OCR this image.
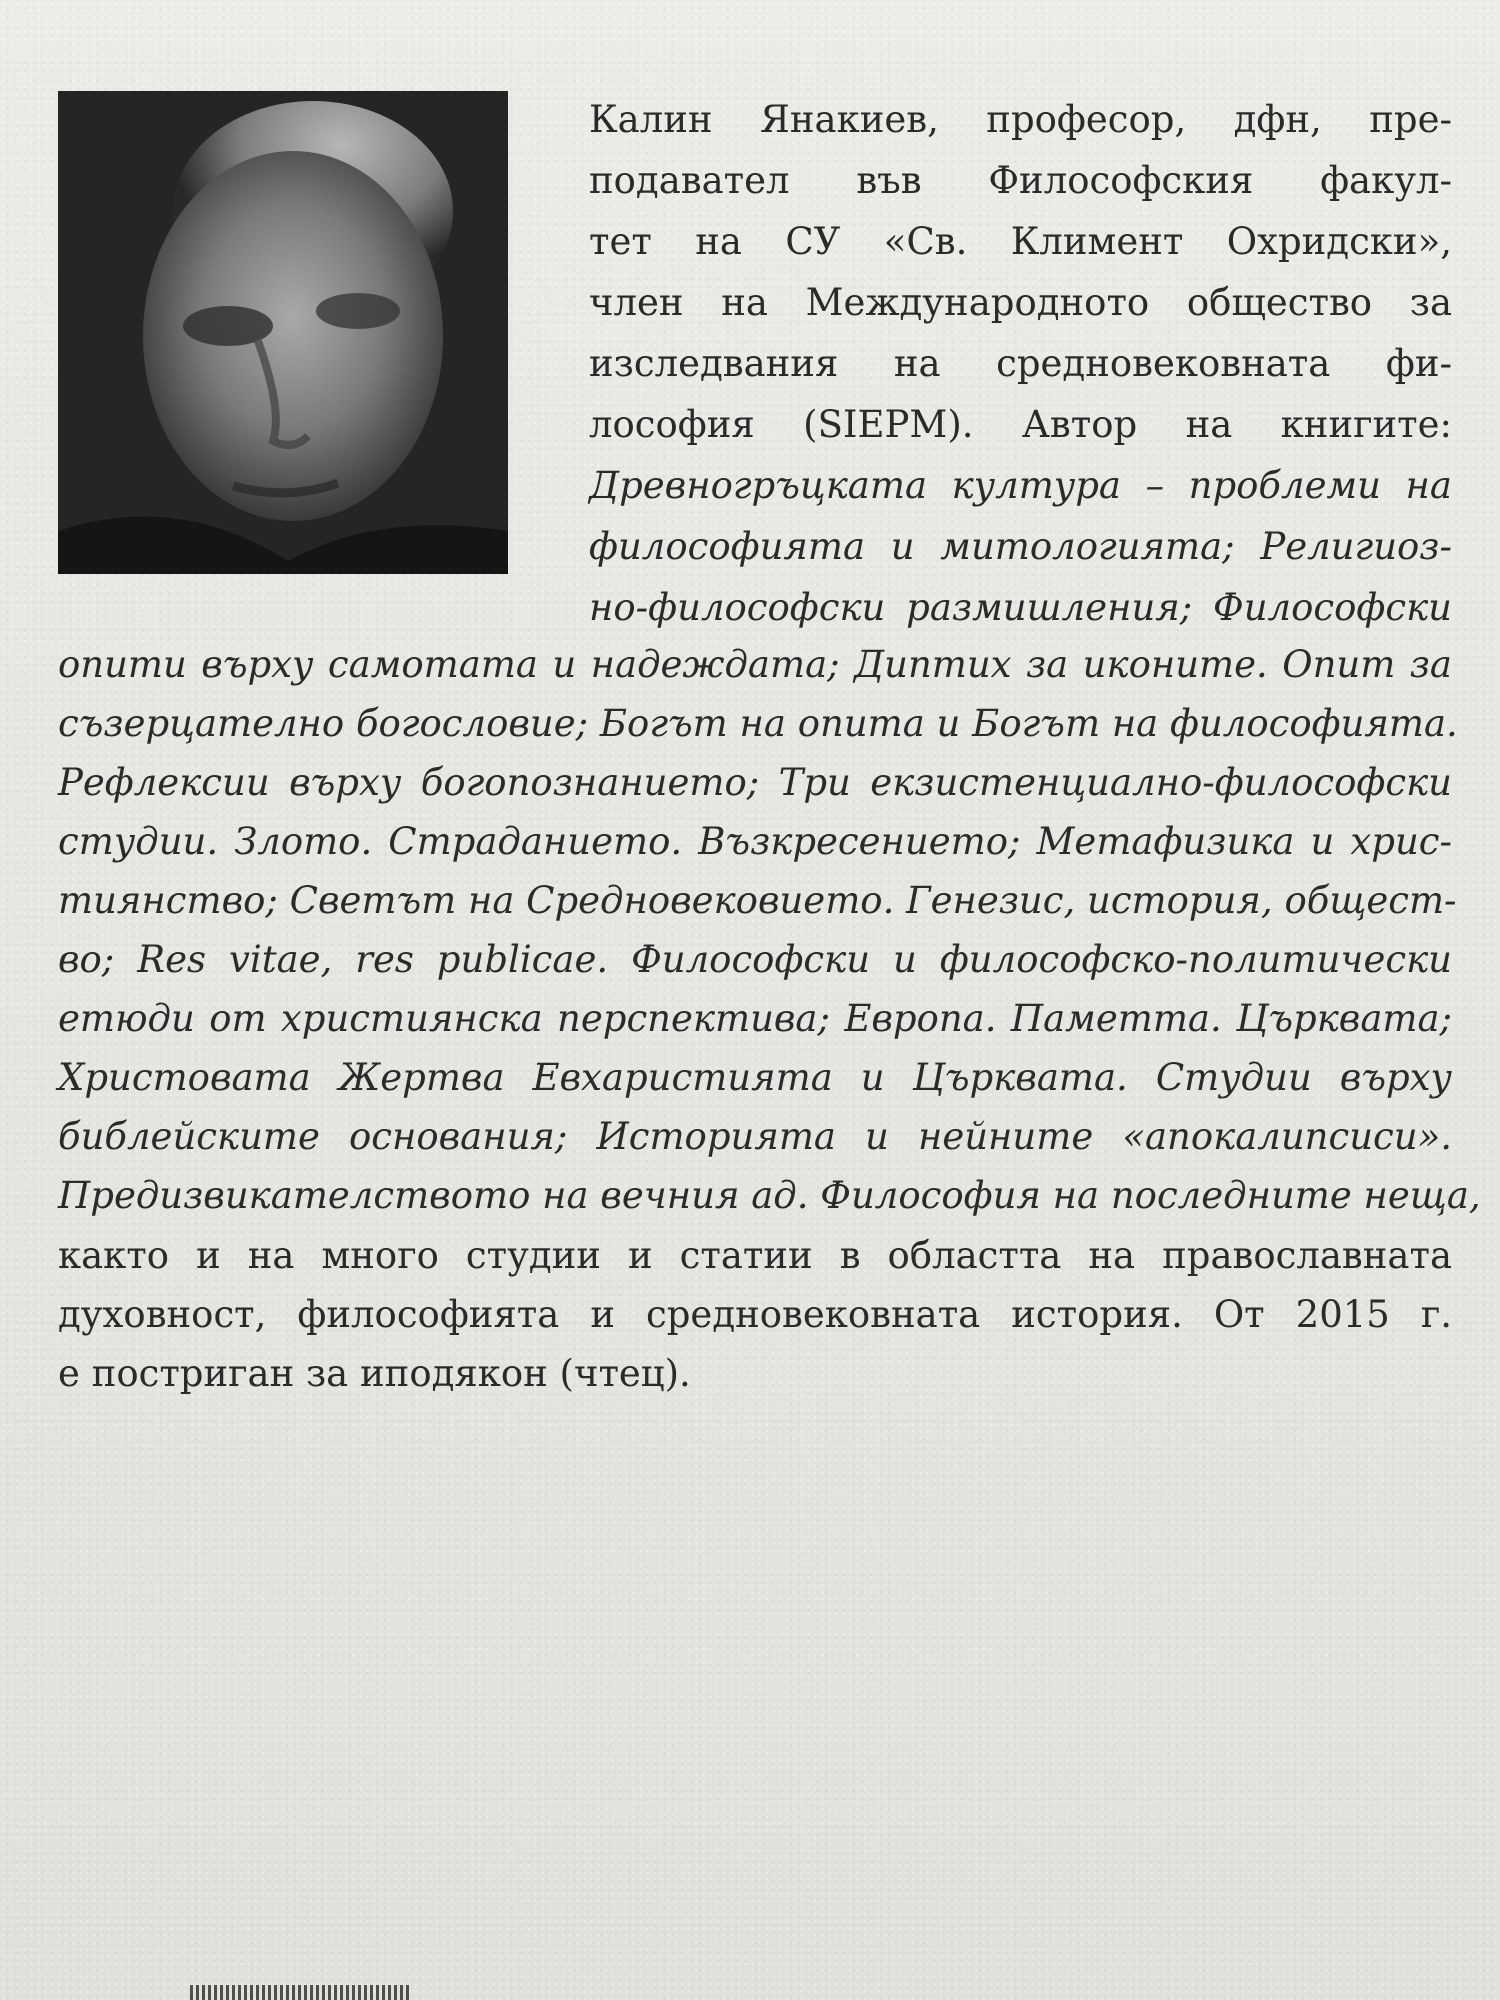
Калин Янакиев, професор, дфн, пре-
подавател във Философския факул-
тет на СУ «Св. Климент Охридски»,
член на Международното общество за
изследвания на средновековната фи-
лософия (SIEPM). Автор на книгите:
Древногръцката култура – проблеми на
философията и митологията; Религиоз-
но-философски размишления; Философски
опити върху самотата и надеждата; Диптих за иконите. Опит за
съзерцателно богословие; Богът на опита и Богът на философията.
Рефлексии върху богопознанието; Три екзистенциално-философски
студии. Злото. Страданието. Възкресението; Метафизика и хрис-
тиянство; Светът на Средновековието. Генезис, история, общест-
во; Res vitae, res publicae. Философски и философско-политически
етюди от християнска перспектива; Европа. Паметта. Църквата;
Христовата Жертва Евхаристията и Църквата. Студии върху
библейските основания; Историята и нейните «апокалипсиси».
Предизвикателството на вечния ад. Философия на последните неща,
както и на много студии и статии в областта на православната
духовност, философията и средновековната история. От 2015 г.
е постриган за иподякон (чтец).
